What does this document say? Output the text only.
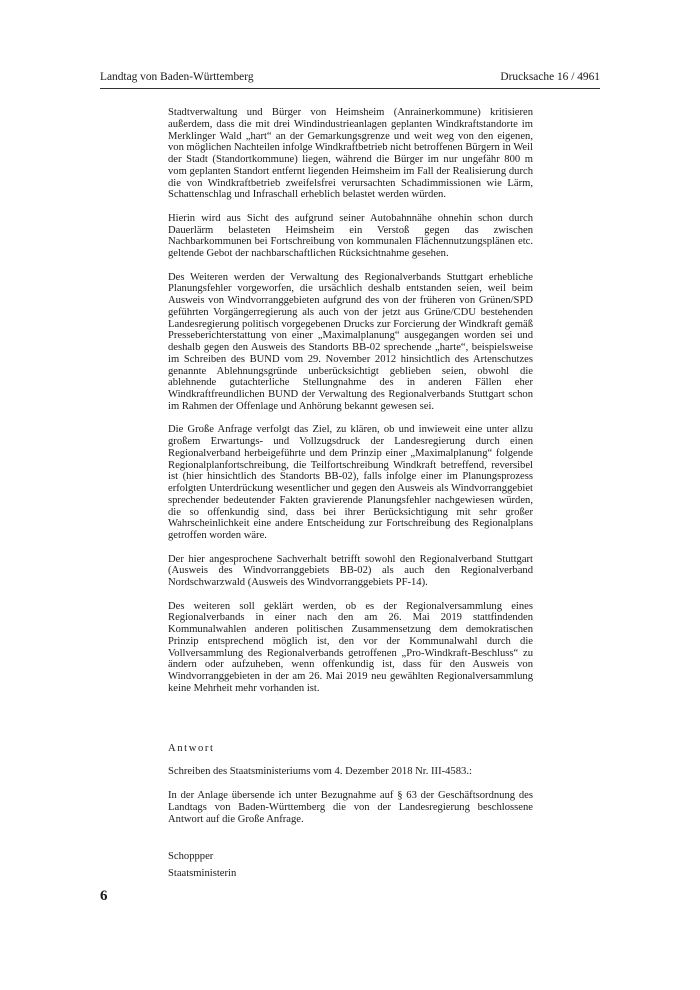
Landtag von Baden-Württemberg	Drucksache 16 / 4961

Stadtverwaltung und Bürger von Heimsheim (Anrainerkommune) kritisieren außerdem, dass die mit drei Windindustrieanlagen geplanten Windkraftstandorte im Merklinger Wald „hart“ an der Gemarkungsgrenze und weit weg von den eigenen, von möglichen Nachteilen infolge Windkraftbetrieb nicht betroffenen Bürgern in Weil der Stadt (Standortkommune) liegen, während die Bürger im nur ungefähr 800 m vom geplanten Standort entfernt liegenden Heimsheim im Fall der Realisierung durch die von Windkraftbetrieb zweifelsfrei verursachten Schadimmissionen wie Lärm, Schattenschlag und Infraschall erheblich belastet werden würden.

Hierin wird aus Sicht des aufgrund seiner Autobahnnähe ohnehin schon durch Dauerlärm belasteten Heimsheim ein Verstoß gegen das zwischen Nachbarkommunen bei Fortschreibung von kommunalen Flächennutzungsplänen etc. geltende Gebot der nachbarschaftlichen Rücksichtnahme gesehen.

Des Weiteren werden der Verwaltung des Regionalverbands Stuttgart erhebliche Planungsfehler vorgeworfen, die ursächlich deshalb entstanden seien, weil beim Ausweis von Windvorranggebieten aufgrund des von der früheren von Grünen/SPD geführten Vorgängerregierung als auch von der jetzt aus Grüne/CDU bestehenden Landesregierung politisch vorgegebenen Drucks zur Forcierung der Windkraft gemäß Presseberichterstattung von einer „Maximalplanung“ ausgegangen worden sei und deshalb gegen den Ausweis des Standorts BB-02 sprechende „harte“, beispielsweise im Schreiben des BUND vom 29. November 2012 hinsichtlich des Artenschutzes genannte Ablehnungsgründe unberücksichtigt geblieben seien, obwohl die ablehnende gutachterliche Stellungnahme des in anderen Fällen eher Windkraftfreundlichen BUND der Verwaltung des Regionalverbands Stuttgart schon im Rahmen der Offenlage und Anhörung bekannt gewesen sei.

Die Große Anfrage verfolgt das Ziel, zu klären, ob und inwieweit eine unter allzu großem Erwartungs- und Vollzugsdruck der Landesregierung durch einen Regionalverband herbeigeführte und dem Prinzip einer „Maximalplanung“ folgende Regionalplanfortschreibung, die Teilfortschreibung Windkraft betreffend, reversibel ist (hier hinsichtlich des Standorts BB-02), falls infolge einer im Planungsprozess erfolgten Unterdrückung wesentlicher und gegen den Ausweis als Windvorranggebiet sprechender bedeutender Fakten gravierende Planungsfehler nachgewiesen würden, die so offenkundig sind, dass bei ihrer Berücksichtigung mit sehr großer Wahrscheinlichkeit eine andere Entscheidung zur Fortschreibung des Regionalplans getroffen worden wäre.

Der hier angesprochene Sachverhalt betrifft sowohl den Regionalverband Stuttgart (Ausweis des Windvorranggebiets BB-02) als auch den Regionalverband Nordschwarzwald (Ausweis des Windvorranggebiets PF-14).

Des weiteren soll geklärt werden, ob es der Regionalversammlung eines Regionalverbands in einer nach den am 26. Mai 2019 stattfindenden Kommunalwahlen anderen politischen Zusammensetzung dem demokratischen Prinzip entsprechend möglich ist, den vor der Kommunalwahl durch die Vollversammlung des Regionalverbands getroffenen „Pro-Windkraft-Beschluss“ zu ändern oder aufzuheben, wenn offenkundig ist, dass für den Ausweis von Windvorranggebieten in der am 26. Mai 2019 neu gewählten Regionalversammlung keine Mehrheit mehr vorhanden ist.

Antwort
Schreiben des Staatsministeriums vom 4. Dezember 2018 Nr. III-4583.:
In der Anlage übersende ich unter Bezugnahme auf § 63 der Geschäftsordnung des Landtags von Baden-Württemberg die von der Landesregierung beschlossene Antwort auf die Große Anfrage.
Schoppper
Staatsministerin
6
